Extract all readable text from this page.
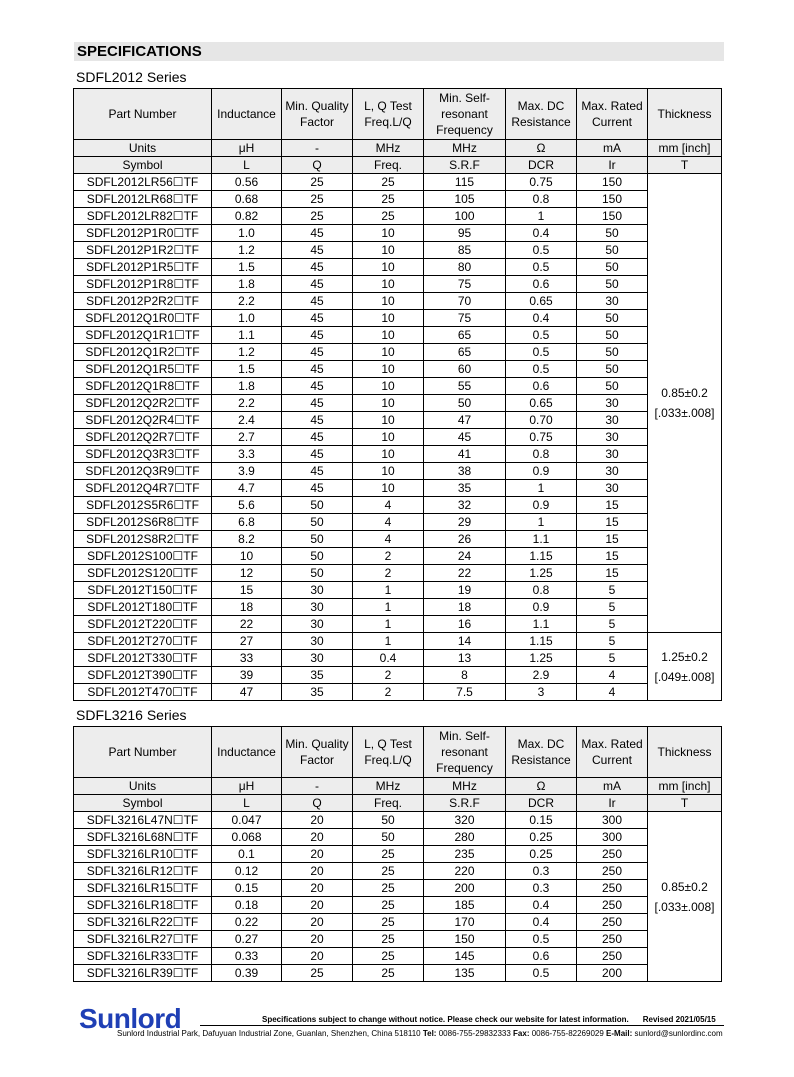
SPECIFICATIONS
SDFL2012 Series
Part Number	Inductance	Min. Quality Factor	L, Q Test Freq.L/Q	Min. Self-resonant Frequency	Max. DC Resistance	Max. Rated Current	Thickness
Units	μH	-	MHz	MHz	Ω	mA	mm [inch]
Symbol	L	Q	Freq.	S.R.F	DCR	Ir	T
SDFL2012LR56☐TF	0.56	25	25	115	0.75	150	0.85±0.2 [.033±.008]
SDFL2012LR68☐TF	0.68	25	25	105	0.8	150	
SDFL2012LR82☐TF	0.82	25	25	100	1	150	
SDFL2012P1R0☐TF	1.0	45	10	95	0.4	50	
SDFL2012P1R2☐TF	1.2	45	10	85	0.5	50	
SDFL2012P1R5☐TF	1.5	45	10	80	0.5	50	
SDFL2012P1R8☐TF	1.8	45	10	75	0.6	50	
SDFL2012P2R2☐TF	2.2	45	10	70	0.65	30	
SDFL2012Q1R0☐TF	1.0	45	10	75	0.4	50	
SDFL2012Q1R1☐TF	1.1	45	10	65	0.5	50	
SDFL2012Q1R2☐TF	1.2	45	10	65	0.5	50	
SDFL2012Q1R5☐TF	1.5	45	10	60	0.5	50	
SDFL2012Q1R8☐TF	1.8	45	10	55	0.6	50	
SDFL2012Q2R2☐TF	2.2	45	10	50	0.65	30	
SDFL2012Q2R4☐TF	2.4	45	10	47	0.70	30	
SDFL2012Q2R7☐TF	2.7	45	10	45	0.75	30	
SDFL2012Q3R3☐TF	3.3	45	10	41	0.8	30	
SDFL2012Q3R9☐TF	3.9	45	10	38	0.9	30	
SDFL2012Q4R7☐TF	4.7	45	10	35	1	30	
SDFL2012S5R6☐TF	5.6	50	4	32	0.9	15	
SDFL2012S6R8☐TF	6.8	50	4	29	1	15	
SDFL2012S8R2☐TF	8.2	50	4	26	1.1	15	
SDFL2012S100☐TF	10	50	2	24	1.15	15	
SDFL2012S120☐TF	12	50	2	22	1.25	15	
SDFL2012T150☐TF	15	30	1	19	0.8	5	
SDFL2012T180☐TF	18	30	1	18	0.9	5	
SDFL2012T220☐TF	22	30	1	16	1.1	5	
SDFL2012T270☐TF	27	30	1	14	1.15	5	1.25±0.2 [.049±.008]
SDFL2012T330☐TF	33	30	0.4	13	1.25	5	
SDFL2012T390☐TF	39	35	2	8	2.9	4	
SDFL2012T470☐TF	47	35	2	7.5	3	4	
SDFL3216 Series
Part Number	Inductance	Min. Quality Factor	L, Q Test Freq.L/Q	Min. Self-resonant Frequency	Max. DC Resistance	Max. Rated Current	Thickness
Units	μH	-	MHz	MHz	Ω	mA	mm [inch]
Symbol	L	Q	Freq.	S.R.F	DCR	Ir	T
SDFL3216L47N☐TF	0.047	20	50	320	0.15	300	0.85±0.2 [.033±.008]
SDFL3216L68N☐TF	0.068	20	50	280	0.25	300	
SDFL3216LR10☐TF	0.1	20	25	235	0.25	250	
SDFL3216LR12☐TF	0.12	20	25	220	0.3	250	
SDFL3216LR15☐TF	0.15	20	25	200	0.3	250	
SDFL3216LR18☐TF	0.18	20	25	185	0.4	250	
SDFL3216LR22☐TF	0.22	20	25	170	0.4	250	
SDFL3216LR27☐TF	0.27	20	25	150	0.5	250	
SDFL3216LR33☐TF	0.33	20	25	145	0.6	250	
SDFL3216LR39☐TF	0.39	25	25	135	0.5	200	
Sunlord	Specifications subject to change without notice. Please check our website for latest information. Revised 2021/05/15
Sunlord Industrial Park, Dafuyuan Industrial Zone, Guanlan, Shenzhen, China 518110 Tel: 0086-755-29832333 Fax: 0086-755-82269029 E-Mail: sunlord@sunlordinc.com
